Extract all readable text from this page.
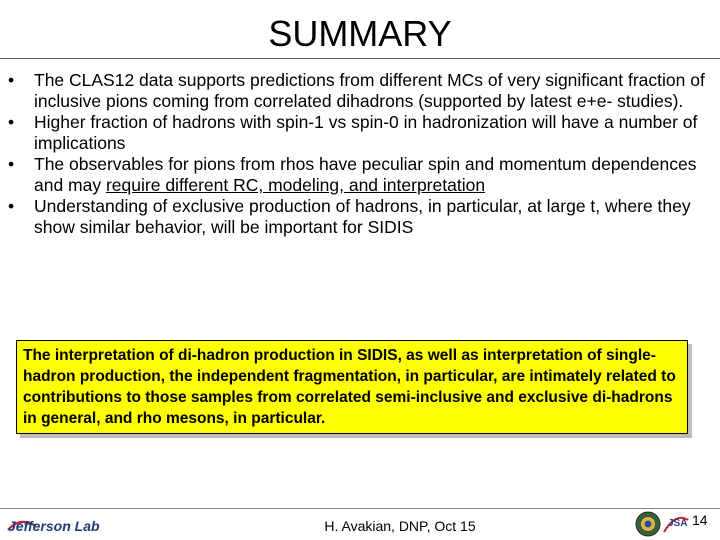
SUMMARY
• The CLAS12 data supports predictions from different MCs of very significant fraction of inclusive pions coming from correlated dihadrons (supported by latest e+e- studies).
• Higher fraction of hadrons with spin-1 vs spin-0 in hadronization will have a number of implications
• The observables for pions from rhos have peculiar spin and momentum dependences and may require different RC, modeling, and interpretation
• Understanding of exclusive production of hadrons, in particular, at large t, where they show similar behavior, will be important for SIDIS
The interpretation of di-hadron production in SIDIS, as well as interpretation of single-hadron production, the independent fragmentation, in particular, are intimately related to contributions to those samples from correlated semi-inclusive and exclusive di-hadrons in general, and rho mesons, in particular.
Jefferson Lab	H. Avakian, DNP, Oct 15	JSA 14
